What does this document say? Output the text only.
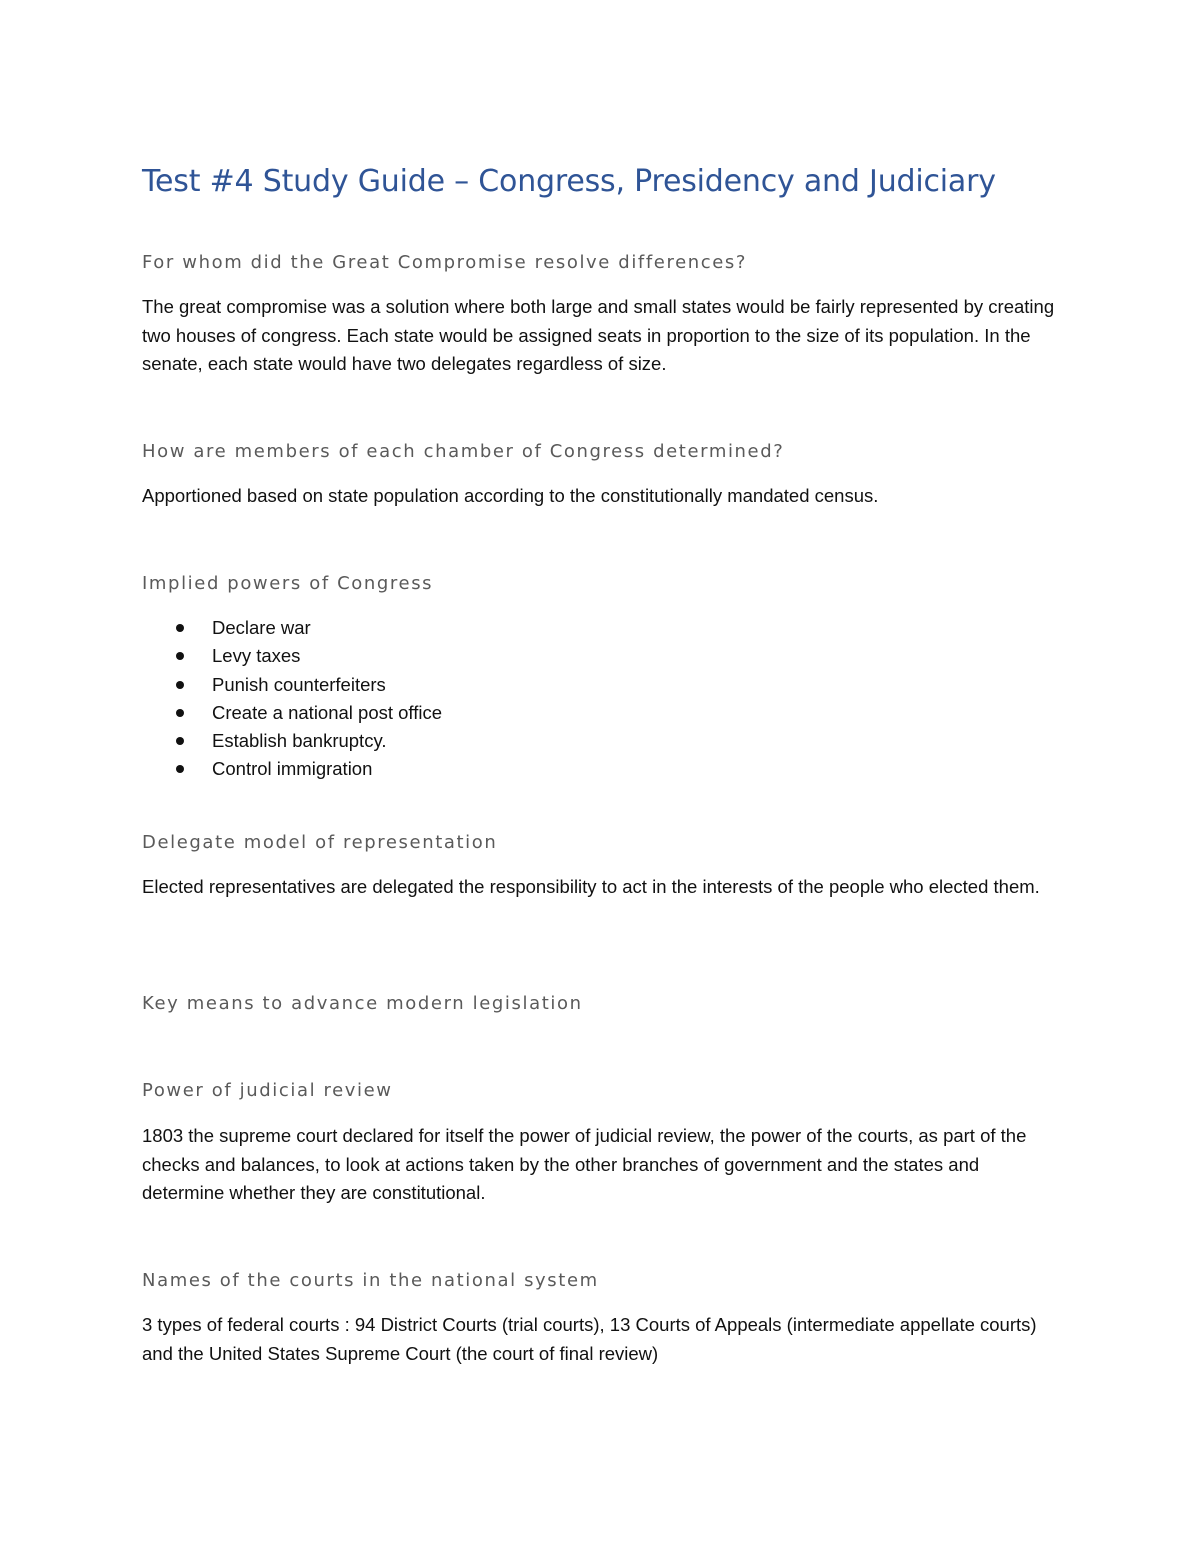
Test #4 Study Guide – Congress, Presidency and Judiciary
For whom did the Great Compromise resolve differences?

The great compromise was a solution where both large and small states would be fairly represented by creating two houses of congress. Each state would be assigned seats in proportion to the size of its population. In the senate, each state would have two delegates regardless of size.

How are members of each chamber of Congress determined?

Apportioned based on state population according to the constitutionally mandated census.

Implied powers of Congress
Declare war
Levy taxes
Punish counterfeiters
Create a national post office
Establish bankruptcy.
Control immigration
Delegate model of representation

Elected representatives are delegated the responsibility to act in the interests of the people who elected them.

Key means to advance modern legislation
Power of judicial review

1803 the supreme court declared for itself the power of judicial review, the power of the courts, as part of the checks and balances, to look at actions taken by the other branches of government and the states and determine whether they are constitutional.

Names of the courts in the national system

3 types of federal courts : 94 District Courts (trial courts), 13 Courts of Appeals (intermediate appellate courts) and the United States Supreme Court (the court of final review)
